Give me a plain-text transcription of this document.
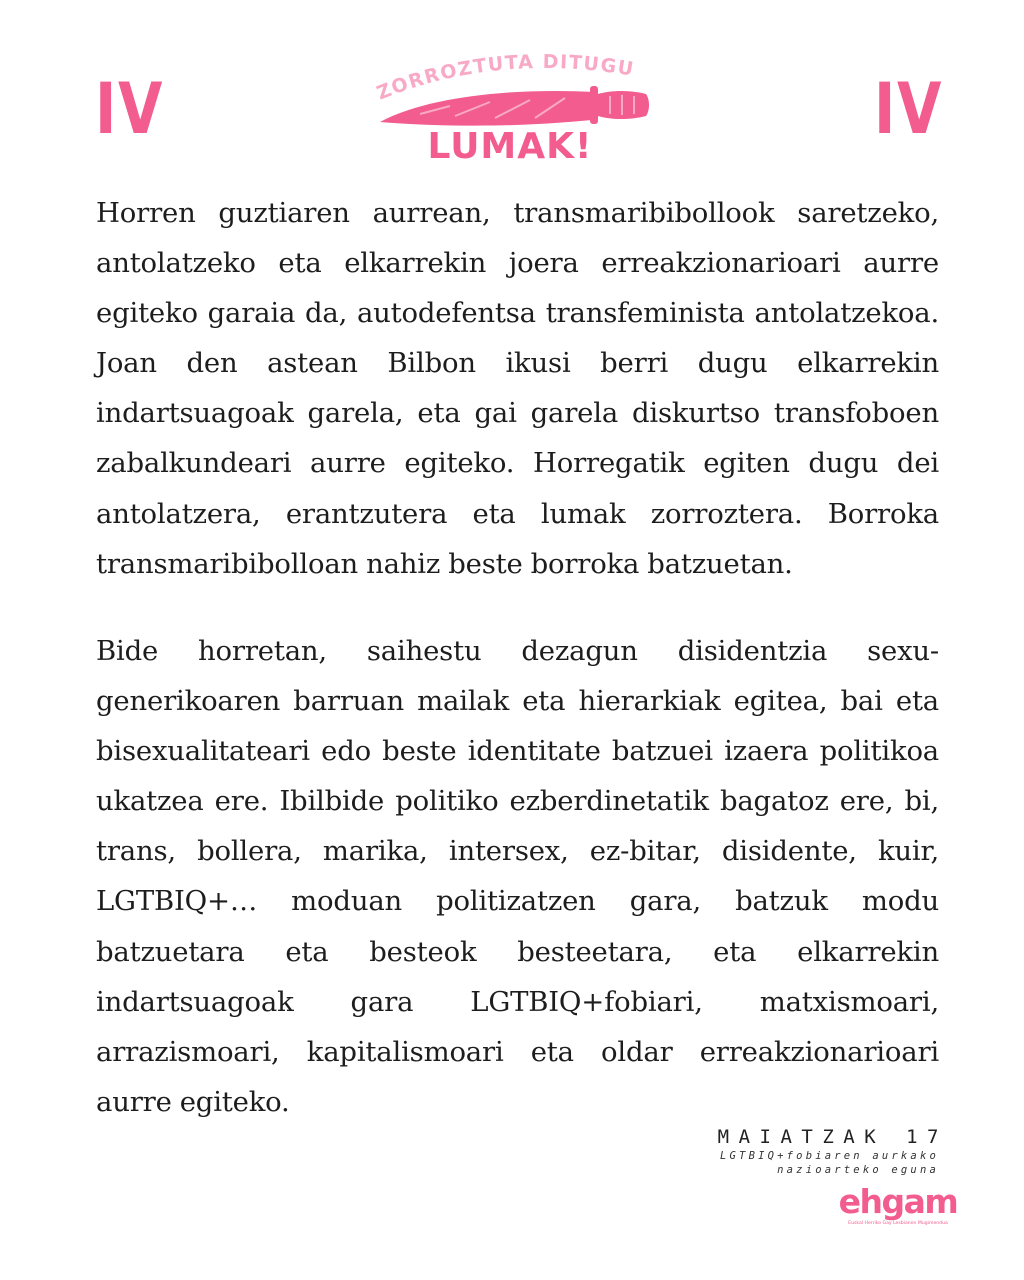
IV	IV
ZORROZTUTA DITUGU
LUMAK!

Horren guztiaren aurrean, transmaribibollook saretzeko, antolatzeko eta elkarrekin joera erreakzionarioari aurre egiteko garaia da, autodefentsa transfeminista antolatzekoa. Joan den astean Bilbon ikusi berri dugu elkarrekin indartsuagoak garela, eta gai garela diskurtso transfoboen zabalkundeari aurre egiteko. Horregatik egiten dugu dei antolatzera, erantzutera eta lumak zorroztera. Borroka transmaribibolloan nahiz beste borroka batzuetan.

Bide horretan, saihestu dezagun disidentzia sexu-generikoaren barruan mailak eta hierarkiak egitea, bai eta bisexualitateari edo beste identitate batzuei izaera politikoa ukatzea ere. Ibilbide politiko ezberdinetatik bagatoz ere, bi, trans, bollera, marika, intersex, ez-bitar, disidente, kuir, LGTBIQ+… moduan politizatzen gara, batzuk modu batzuetara eta besteok besteetara, eta elkarrekin indartsuagoak gara LGTBIQ+fobiari, matxismoari, arrazismoari, kapitalismoari eta oldar erreakzionarioari aurre egiteko.

MAIATZAK 17
LGTBIQ+fobiaren aurkako
nazioarteko eguna
ehgam
Euskal Herriko Gay Lesbianen Mugimendua
